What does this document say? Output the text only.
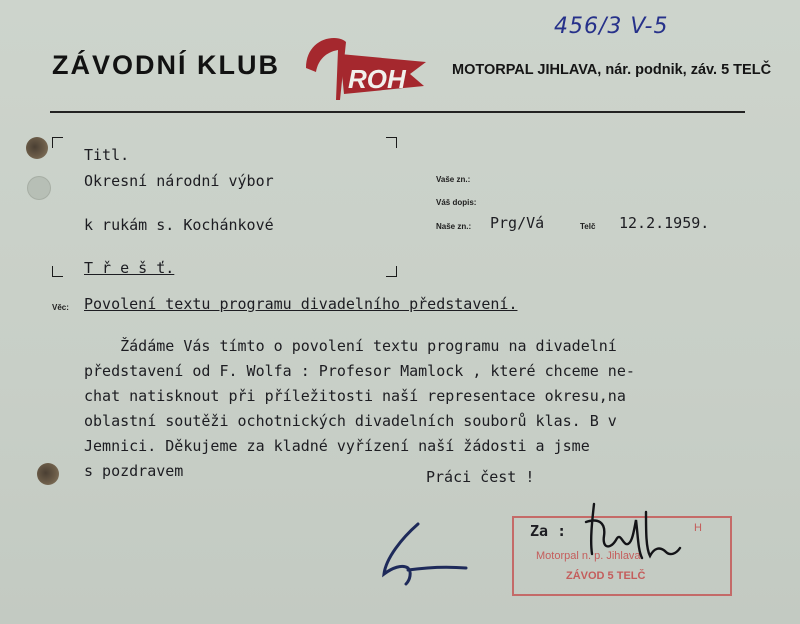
ZÁVODNÍ KLUB	ROH	MOTORPAL JIHLAVA, nár. podnik, záv. 5 TELČ
456/3 V-5
Titl.
Okresní národní výbor
k rukám s. Kochánkové
T ř e š ť.
Vaše zn.:
Váš dopis:
Naše zn.: Prg/Vá	Telč 12.2.1959.
Věc: Povolení textu programu divadelního představení.
Žádáme Vás tímto o povolení textu programu na divadelní
představení od F. Wolfa : Profesor Mamlock , které chceme ne-
chat natisknout při příležitosti naší representace okresu,na
oblastní soutěži ochotnických divadelních souborů klas. B v
Jemnici. Děkujeme za kladné vyřízení naší žádosti a jsme
s pozdravem	Práci čest !
H
Motorpal n. p. Jihlava
ZÁVOD 5 TELČ
Za :
